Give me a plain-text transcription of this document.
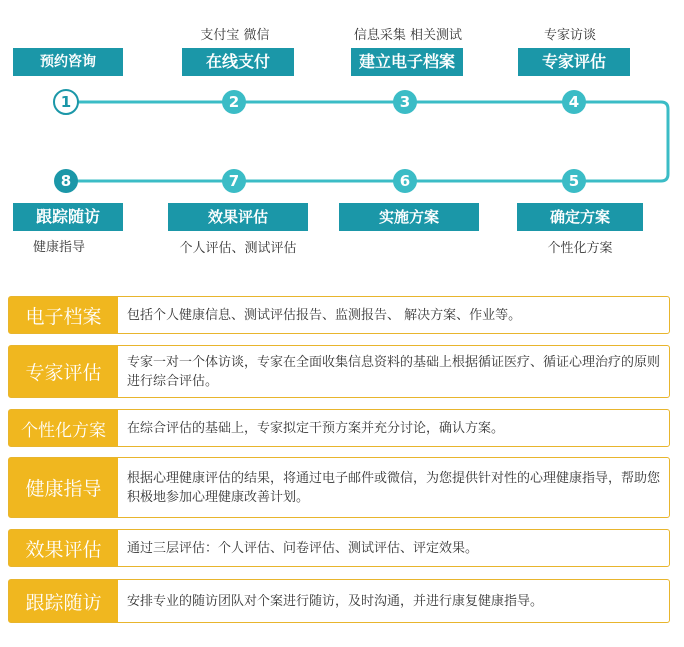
支付宝 微信	信息采集 相关测试	专家访谈
预约咨询	在线支付	建立电子档案	专家评估
1	2	3	4
8	7	6	5
跟踪随访	效果评估	实施方案	确定方案
健康指导	个人评估、测试评估	个性化方案
电子档案	包括个人健康信息、测试评估报告、监测报告、 解决方案、作业等。
专家评估	专家一对一个体访谈，专家在全面收集信息资料的基础上根据循证医疗、循证心理治疗的原则进行综合评估。
个性化方案	在综合评估的基础上，专家拟定干预方案并充分讨论，确认方案。
健康指导	根据心理健康评估的结果，将通过电子邮件或微信，为您提供针对性的心理健康指导，帮助您积极地参加心理健康改善计划。
效果评估	通过三层评估：个人评估、问卷评估、测试评估、评定效果。
跟踪随访	安排专业的随访团队对个案进行随访，及时沟通，并进行康复健康指导。
